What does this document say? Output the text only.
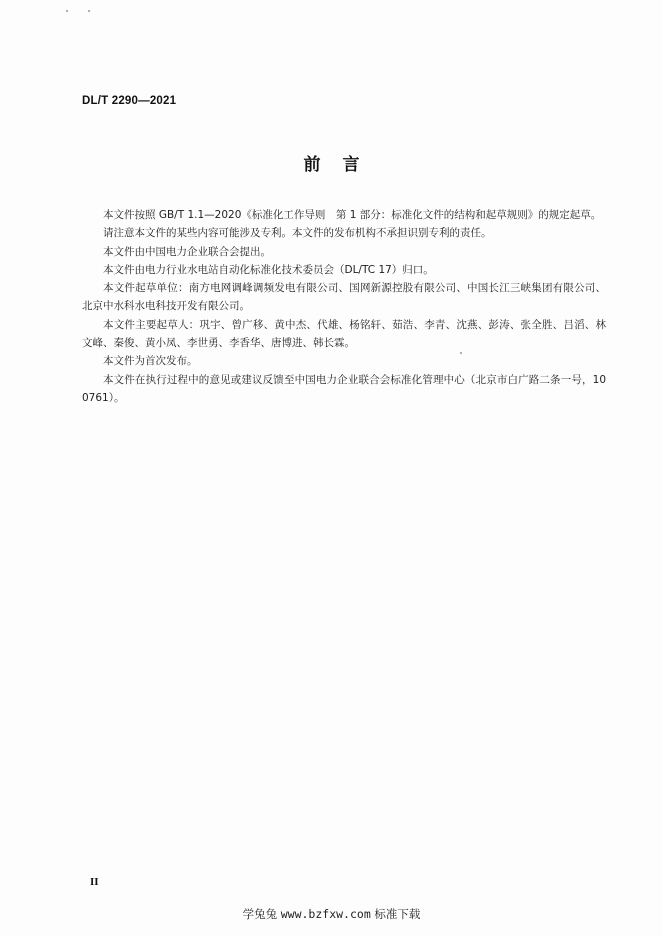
DL/T 2290—2021
前言

本文件按照 GB/T 1.1—2020《标准化工作导则　第 1 部分：标准化文件的结构和起草规则》的规定起草。

请注意本文件的某些内容可能涉及专利。本文件的发布机构不承担识别专利的责任。

本文件由中国电力企业联合会提出。

本文件由电力行业水电站自动化标准化技术委员会（DL/TC 17）归口。

本文件起草单位：南方电网调峰调频发电有限公司、国网新源控股有限公司、中国长江三峡集团有限公司、北京中水科水电科技开发有限公司。

本文件主要起草人：巩宇、曾广移、黄中杰、代雄、杨铭轩、茹浩、李青、沈燕、彭涛、张全胜、吕滔、林文峰、秦俊、黄小凤、李世勇、李香华、唐博进、韩长霖。

本文件为首次发布。

本文件在执行过程中的意见或建议反馈至中国电力企业联合会标准化管理中心（北京市白广路二条一号，100761）。

II
学兔兔 www.bzfxw.com 标准下载
